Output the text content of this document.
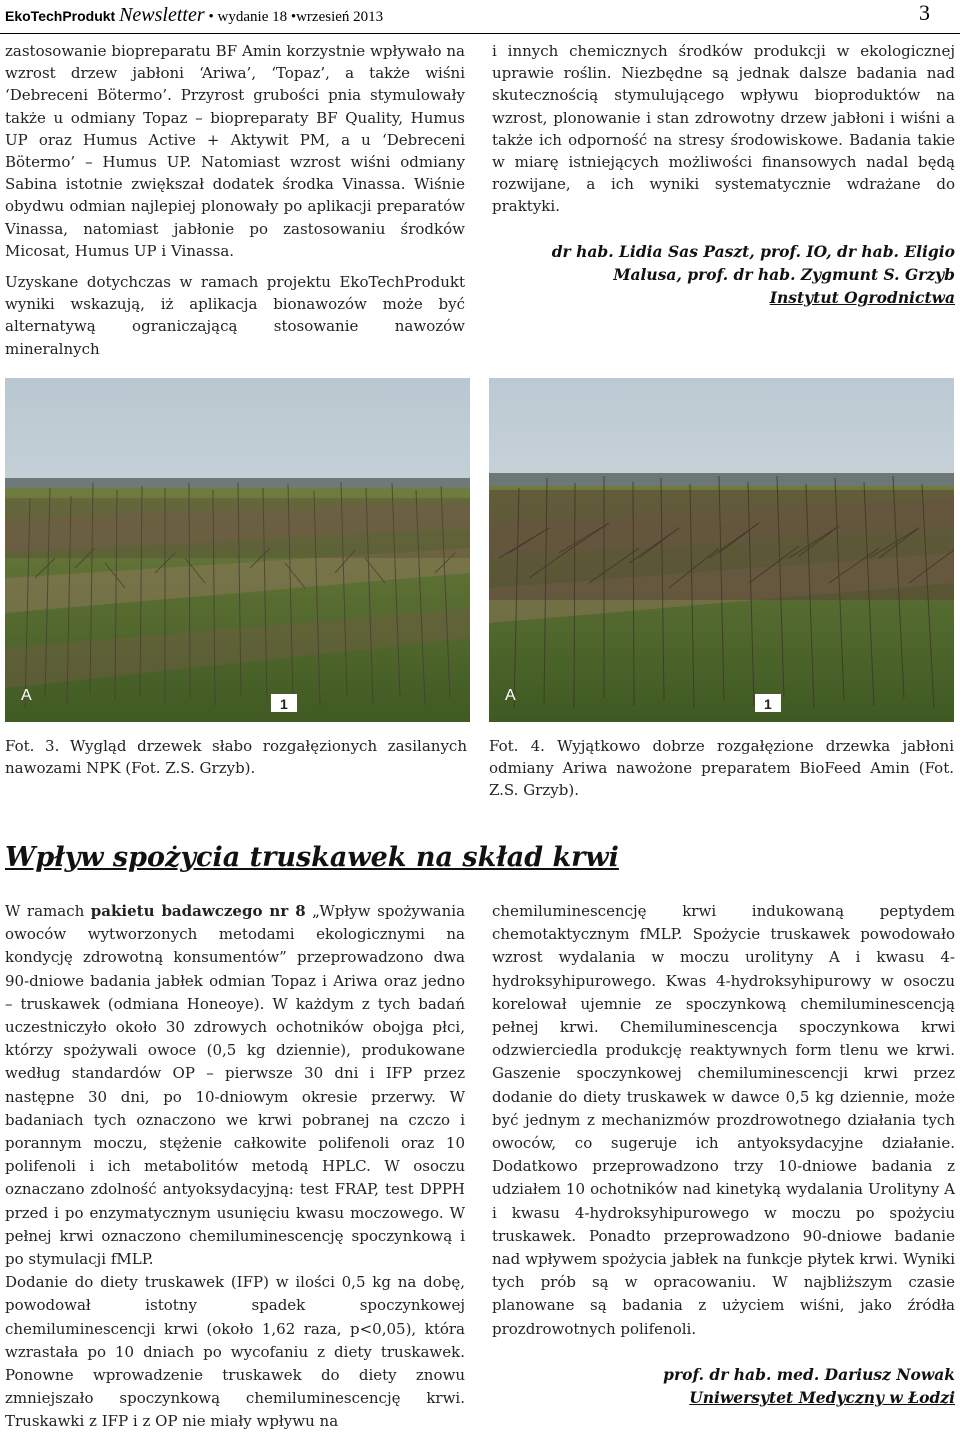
EkoTechProdukt Newsletter • wydanie 18 •wrzesień 2013	3

zastosowanie biopreparatu BF Amin korzystnie wpływało na wzrost drzew jabłoni ‘Ariwa’, ‘Topaz’, a także wiśni ‘Debreceni Bötermo’. Przyrost grubości pnia stymulowały także u odmiany Topaz – biopreparaty BF Quality, Humus UP oraz Humus Active + Aktywit PM, a u ‘Debreceni Bötermo’ – Humus UP. Natomiast wzrost wiśni odmiany Sabina istotnie zwiększał dodatek środka Vinassa. Wiśnie obydwu odmian najlepiej plonowały po aplikacji preparatów Vinassa, natomiast jabłonie po zastosowaniu środków Micosat, Humus UP i Vinassa.

Uzyskane dotychczas w ramach projektu EkoTechProdukt wyniki wskazują, iż aplikacja bionawozów może być alternatywą ograniczającą stosowanie nawozów mineralnych

i innych chemicznych środków produkcji w ekologicznej uprawie roślin. Niezbędne są jednak dalsze badania nad skutecznością stymulującego wpływu bioproduktów na wzrost, plonowanie i stan zdrowotny drzew jabłoni i wiśni a także ich odporność na stresy środowiskowe. Badania takie w miarę istniejących możliwości finansowych nadal będą rozwijane, a ich wyniki systematycznie wdrażane do praktyki.

dr hab. Lidia Sas Paszt, prof. IO, dr hab. Eligio
Malusa, prof. dr hab. Zygmunt S. Grzyb
Instytut Ogrodnictwa
A	1	A	1
Fot. 3. Wygląd drzewek słabo rozgałęzionych zasilanych nawozami NPK (Fot. Z.S. Grzyb).
Fot. 4. Wyjątkowo dobrze rozgałęzione drzewka jabłoni odmiany Ariwa nawożone preparatem BioFeed Amin (Fot. Z.S. Grzyb).
Wpływ spożycia truskawek na skład krwi

W ramach pakietu badawczego nr 8 „Wpływ spożywania owoców wytworzonych metodami ekologicznymi na kondycję zdrowotną konsumentów” przeprowadzono dwa 90-dniowe badania jabłek odmian Topaz i Ariwa oraz jedno – truskawek (odmiana Honeoye). W każdym z tych badań uczestniczyło około 30 zdrowych ochotników obojga płci, którzy spożywali owoce (0,5 kg dziennie), produkowane według standardów OP – pierwsze 30 dni i IFP przez następne 30 dni, po 10-dniowym okresie przerwy. W badaniach tych oznaczono we krwi pobranej na czczo i porannym moczu, stężenie całkowite polifenoli oraz 10 polifenoli i ich metabolitów metodą HPLC. W osoczu oznaczano zdolność antyoksydacyjną: test FRAP, test DPPH przed i po enzymatycznym usunięciu kwasu moczowego. W pełnej krwi oznaczono chemiluminescencję spoczynkową i po stymulacji fMLP.

Dodanie do diety truskawek (IFP) w ilości 0,5 kg na dobę, powodował istotny spadek spoczynkowej chemiluminescencji krwi (około 1,62 raza, p<0,05), która wzrastała po 10 dniach po wycofaniu z diety truskawek. Ponowne wprowadzenie truskawek do diety znowu zmniejszało spoczynkową chemiluminescencję krwi. Truskawki z IFP i z OP nie miały wpływu na

chemiluminescencję krwi indukowaną peptydem chemotaktycznym fMLP. Spożycie truskawek powodowało wzrost wydalania w moczu urolityny A i kwasu 4-hydroksyhipurowego. Kwas 4-hydroksyhipurowy w osoczu korelował ujemnie ze spoczynkową chemiluminescencją pełnej krwi. Chemiluminescencja spoczynkowa krwi odzwierciedla produkcję reaktywnych form tlenu we krwi. Gaszenie spoczynkowej chemiluminescencji krwi przez dodanie do diety truskawek w dawce 0,5 kg dziennie, może być jednym z mechanizmów prozdrowotnego działania tych owoców, co sugeruje ich antyoksydacyjne działanie. Dodatkowo przeprowadzono trzy 10-dniowe badania z udziałem 10 ochotników nad kinetyką wydalania Urolityny A i kwasu 4-hydroksyhipurowego w moczu po spożyciu truskawek. Ponadto przeprowadzono 90-dniowe badanie nad wpływem spożycia jabłek na funkcje płytek krwi. Wyniki tych prób są w opracowaniu. W najbliższym czasie planowane są badania z użyciem wiśni, jako źródła prozdrowotnych polifenoli.

prof. dr hab. med. Dariusz Nowak
Uniwersytet Medyczny w Łodzi
